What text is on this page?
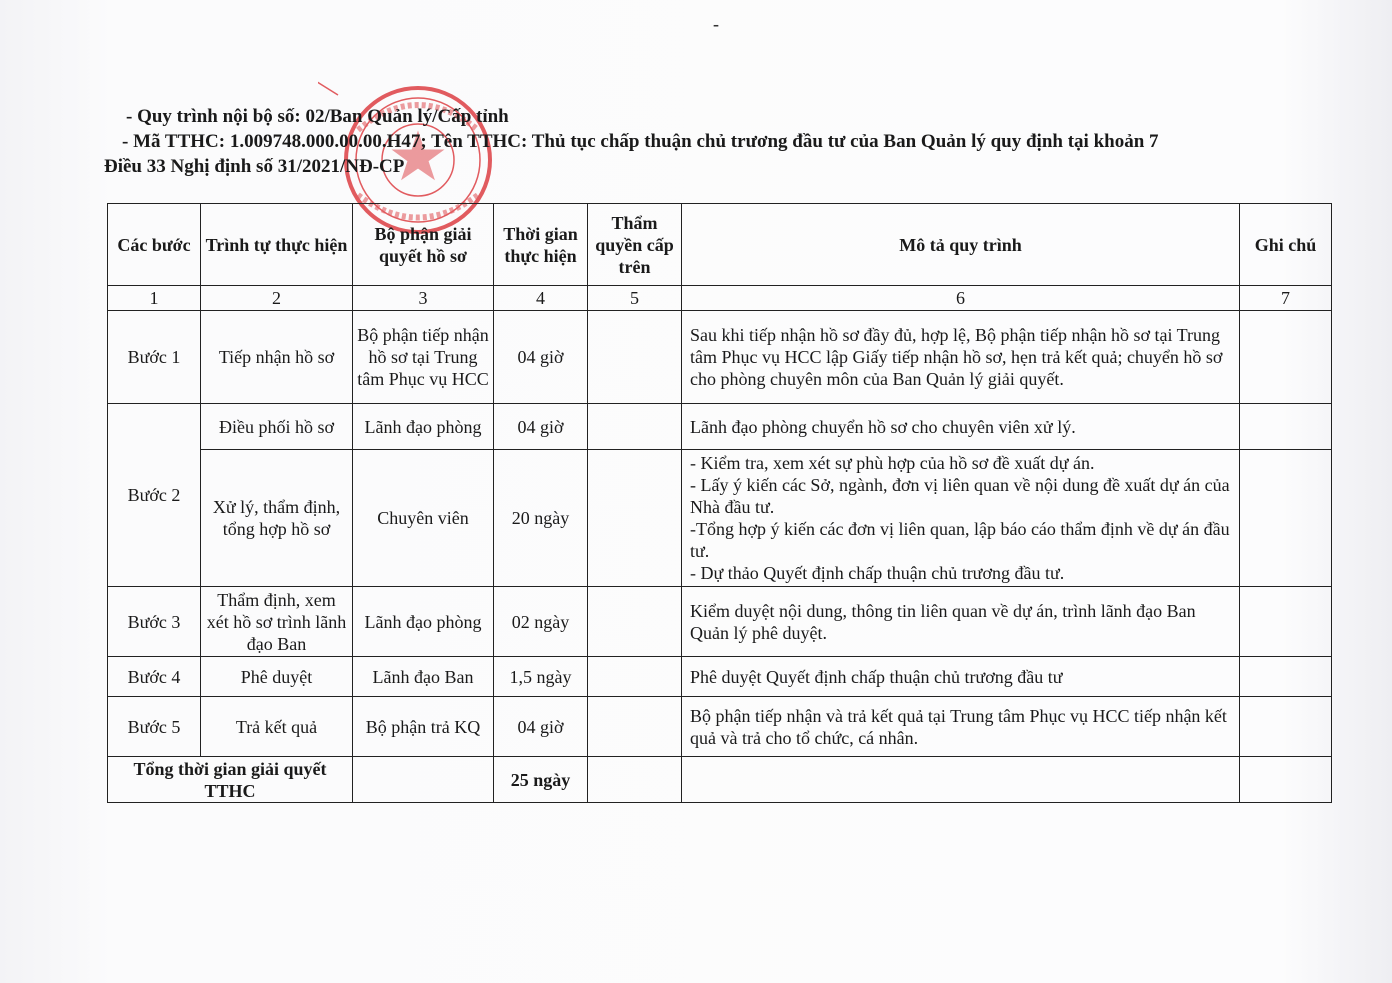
-
- Quy trình nội bộ số: 02/Ban Quản lý/Cấp tỉnh
- Mã TTHC: 1.009748.000.00.00.H47; Tên TTHC: Thủ tục chấp thuận chủ trương đầu tư của Ban Quản lý quy định tại khoản 7
Điều 33 Nghị định số 31/2021/NĐ-CP
Các bước	Trình tự thực hiện	Bộ phận giải quyết hồ sơ	Thời gian thực hiện	Thẩm quyền cấp trên	Mô tả quy trình	Ghi chú
1	2	3	4	5	6	7
Bước 1	Tiếp nhận hồ sơ	Bộ phận tiếp nhận hồ sơ tại Trung tâm Phục vụ HCC	04 giờ		Sau khi tiếp nhận hồ sơ đầy đủ, hợp lệ, Bộ phận tiếp nhận hồ sơ tại Trung tâm Phục vụ HCC lập Giấy tiếp nhận hồ sơ, hẹn trả kết quả; chuyển hồ sơ cho phòng chuyên môn của Ban Quản lý giải quyết.	

Bước 2	Điều phối hồ sơ	Lãnh đạo phòng	04 giờ		Lãnh đạo phòng chuyển hồ sơ cho chuyên viên xử lý.	

	Xử lý, thẩm định, tổng hợp hồ sơ	Chuyên viên	20 ngày		- Kiểm tra, xem xét sự phù hợp của hồ sơ đề xuất dự án.
- Lấy ý kiến các Sở, ngành, đơn vị liên quan về nội dung đề xuất dự án của Nhà đầu tư.
-Tổng hợp ý kiến các đơn vị liên quan, lập báo cáo thẩm định về dự án đầu tư.
- Dự thảo Quyết định chấp thuận chủ trương đầu tư.	

Bước 3	Thẩm định, xem xét hồ sơ trình lãnh đạo Ban	Lãnh đạo phòng	02 ngày		Kiểm duyệt nội dung, thông tin liên quan về dự án, trình lãnh đạo Ban Quản lý phê duyệt.	

Bước 4	Phê duyệt	Lãnh đạo Ban	1,5 ngày		Phê duyệt Quyết định chấp thuận chủ trương đầu tư	

Bước 5	Trả kết quả	Bộ phận trả KQ	04 giờ		Bộ phận tiếp nhận và trả kết quả tại Trung tâm Phục vụ HCC tiếp nhận kết quả và trả cho tổ chức, cá nhân.	

Tổng thời gian giải quyết TTHC			25 ngày			
